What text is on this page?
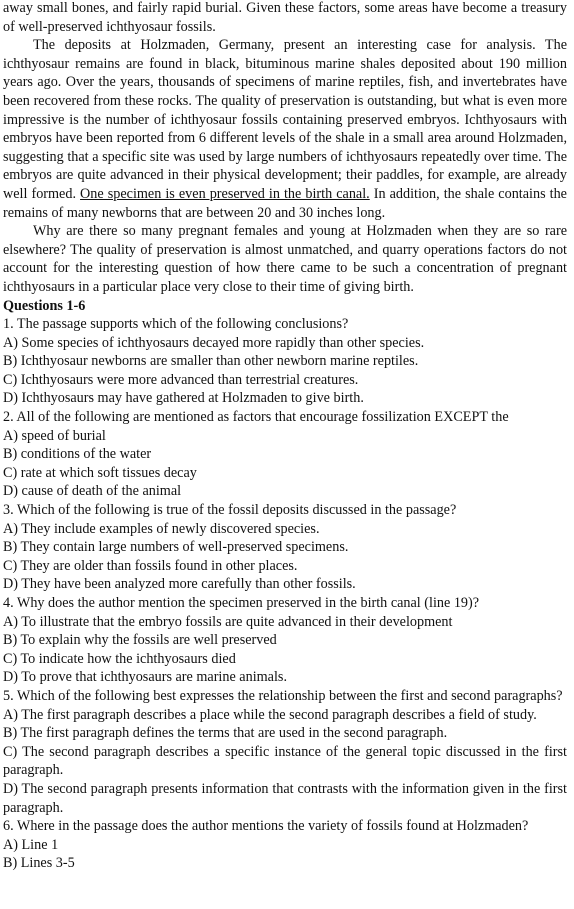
away small bones, and fairly rapid burial. Given these factors, some areas have become a treasury of well-preserved ichthyosaur fossils.

The deposits at Holzmaden, Germany, present an interesting case for analysis. The ichthyosaur remains are found in black, bituminous marine shales deposited about 190 million years ago. Over the years, thousands of specimens of marine reptiles, fish, and invertebrates have been recovered from these rocks. The quality of preservation is outstanding, but what is even more impressive is the number of ichthyosaur fossils containing preserved embryos. Ichthyosaurs with embryos have been reported from 6 different levels of the shale in a small area around Holzmaden, suggesting that a specific site was used by large numbers of ichthyosaurs repeatedly over time. The embryos are quite advanced in their physical development; their paddles, for example, are already well formed. One specimen is even preserved in the birth canal. In addition, the shale contains the remains of many newborns that are between 20 and 30 inches long.

Why are there so many pregnant females and young at Holzmaden when they are so rare elsewhere? The quality of preservation is almost unmatched, and quarry operations factors do not account for the interesting question of how there came to be such a concentration of pregnant ichthyosaurs in a particular place very close to their time of giving birth.

Questions 1-6

1. The passage supports which of the following conclusions?

A) Some species of ichthyosaurs decayed more rapidly than other species.

B) Ichthyosaur newborns are smaller than other newborn marine reptiles.

C) Ichthyosaurs were more advanced than terrestrial creatures.

D) Ichthyosaurs may have gathered at Holzmaden to give birth.

2. All of the following are mentioned as factors that encourage fossilization EXCEPT the

A) speed of burial

B) conditions of the water

C) rate at which soft tissues decay

D) cause of death of the animal

3. Which of the following is true of the fossil deposits discussed in the passage?

A) They include examples of newly discovered species.

B) They contain large numbers of well-preserved specimens.

C) They are older than fossils found in other places.

D) They have been analyzed more carefully than other fossils.

4. Why does the author mention the specimen preserved in the birth canal (line 19)?

A) To illustrate that the embryo fossils are quite advanced in their development

B) To explain why the fossils are well preserved

C) To indicate how the ichthyosaurs died

D) To prove that ichthyosaurs are marine animals.

5. Which of the following best expresses the relationship between the first and second paragraphs?

A) The first paragraph describes a place while the second paragraph describes a field of study.

B) The first paragraph defines the terms that are used in the second paragraph.

C) The second paragraph describes a specific instance of the general topic discussed in the first paragraph.

D) The second paragraph presents information that contrasts with the information given in the first paragraph.

6. Where in the passage does the author mentions the variety of fossils found at Holzmaden?

A) Line 1

B) Lines 3-5
